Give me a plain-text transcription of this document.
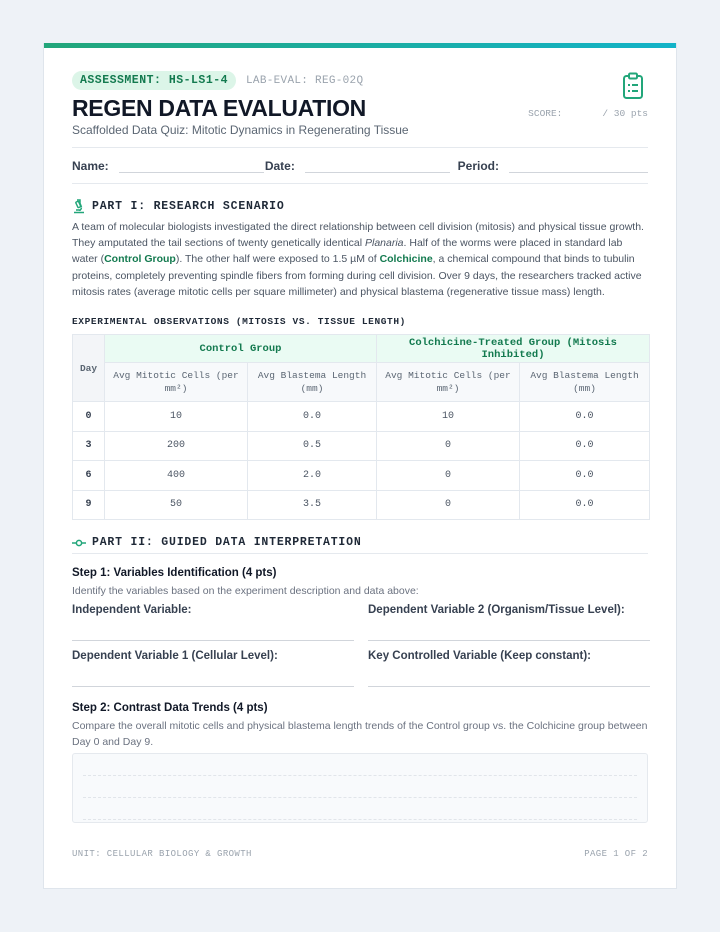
ASSESSMENT: HS-LS1-4	LAB-EVAL: REG-02Q
REGEN DATA EVALUATION
Scaffolded Data Quiz: Mitotic Dynamics in Regenerating Tissue
SCORE:	/ 30 pts
Name:	Date:	Period:
PART I: RESEARCH SCENARIO
A team of molecular biologists investigated the direct relationship between cell division (mitosis) and physical tissue growth. They amputated the tail sections of twenty genetically identical Planaria. Half of the worms were placed in standard lab water (Control Group). The other half were exposed to 1.5 µM of Colchicine, a chemical compound that binds to tubulin proteins, completely preventing spindle fibers from forming during cell division. Over 9 days, the researchers tracked active mitosis rates (average mitotic cells per square millimeter) and physical blastema (regenerative tissue mass) length.
EXPERIMENTAL OBSERVATIONS (MITOSIS VS. TISSUE LENGTH)
Day	Control Group		Colchicine-Treated Group (Mitosis Inhibited)	
	Avg Mitotic Cells (per mm²)	Avg Blastema Length (mm)	Avg Mitotic Cells (per mm²)	Avg Blastema Length (mm)
0	10	0.0	10	0.0
3	200	0.5	0	0.0
6	400	2.0	0	0.0
9	50	3.5	0	0.0
PART II: GUIDED DATA INTERPRETATION
Step 1: Variables Identification (4 pts)
Identify the variables based on the experiment description and data above:
Independent Variable:	Dependent Variable 2 (Organism/Tissue Level):
Dependent Variable 1 (Cellular Level):	Key Controlled Variable (Keep constant):
Step 2: Contrast Data Trends (4 pts)
Compare the overall mitotic cells and physical blastema length trends of the Control group vs. the Colchicine group between Day 0 and Day 9.
UNIT: CELLULAR BIOLOGY & GROWTH	PAGE 1 OF 2
